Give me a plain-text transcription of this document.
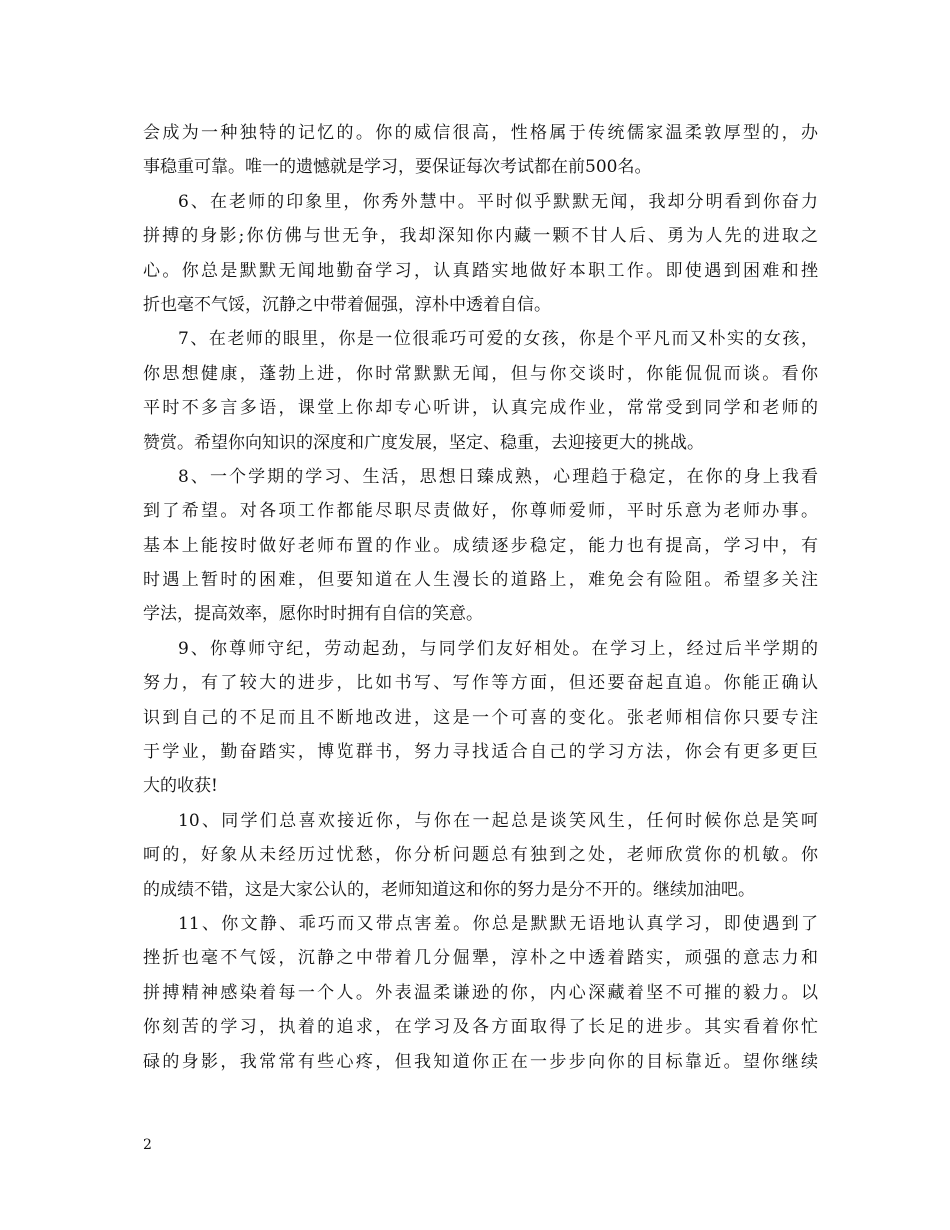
会成为一种独特的记忆的。你的威信很高，性格属于传统儒家温柔敦厚型的，办
事稳重可靠。唯一的遗憾就是学习，要保证每次考试都在前500名。
6、在老师的印象里，你秀外慧中。平时似乎默默无闻，我却分明看到你奋力
拼搏的身影;你仿佛与世无争，我却深知你内藏一颗不甘人后、勇为人先的进取之
心。你总是默默无闻地勤奋学习，认真踏实地做好本职工作。即使遇到困难和挫
折也毫不气馁，沉静之中带着倔强，淳朴中透着自信。
7、在老师的眼里，你是一位很乖巧可爱的女孩，你是个平凡而又朴实的女孩，
你思想健康，蓬勃上进，你时常默默无闻，但与你交谈时，你能侃侃而谈。看你
平时不多言多语，课堂上你却专心听讲，认真完成作业，常常受到同学和老师的
赞赏。希望你向知识的深度和广度发展，坚定、稳重，去迎接更大的挑战。
8、一个学期的学习、生活，思想日臻成熟，心理趋于稳定，在你的身上我看
到了希望。对各项工作都能尽职尽责做好，你尊师爱师，平时乐意为老师办事。
基本上能按时做好老师布置的作业。成绩逐步稳定，能力也有提高，学习中，有
时遇上暂时的困难，但要知道在人生漫长的道路上，难免会有险阻。希望多关注
学法，提高效率，愿你时时拥有自信的笑意。
9、你尊师守纪，劳动起劲，与同学们友好相处。在学习上，经过后半学期的
努力，有了较大的进步，比如书写、写作等方面，但还要奋起直追。你能正确认
识到自己的不足而且不断地改进，这是一个可喜的变化。张老师相信你只要专注
于学业，勤奋踏实，博览群书，努力寻找适合自己的学习方法，你会有更多更巨
大的收获!
10、同学们总喜欢接近你，与你在一起总是谈笑风生，任何时候你总是笑呵
呵的，好象从未经历过忧愁，你分析问题总有独到之处，老师欣赏你的机敏。你
的成绩不错，这是大家公认的，老师知道这和你的努力是分不开的。继续加油吧。
11、你文静、乖巧而又带点害羞。你总是默默无语地认真学习，即使遇到了
挫折也毫不气馁，沉静之中带着几分倔犟，淳朴之中透着踏实，顽强的意志力和
拼搏精神感染着每一个人。外表温柔谦逊的你，内心深藏着坚不可摧的毅力。以
你刻苦的学习，执着的追求，在学习及各方面取得了长足的进步。其实看着你忙
碌的身影，我常常有些心疼，但我知道你正在一步步向你的目标靠近。望你继续
2
